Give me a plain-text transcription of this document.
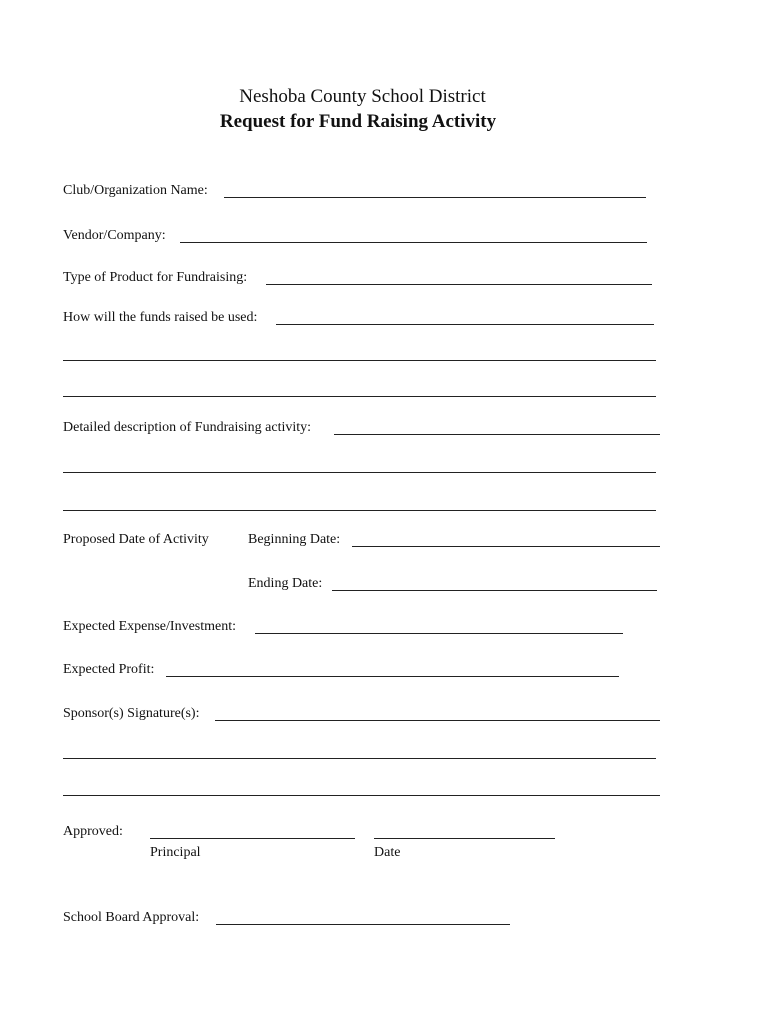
Neshoba County School District
Request for Fund Raising Activity
Club/Organization Name:
Vendor/Company:
Type of Product for Fundraising:
How will the funds raised be used:
Detailed description of Fundraising activity:
Proposed Date of Activity	Beginning Date:
Ending Date:
Expected Expense/Investment:
Expected Profit:
Sponsor(s) Signature(s):
Approved:
Principal	Date
School Board Approval:
